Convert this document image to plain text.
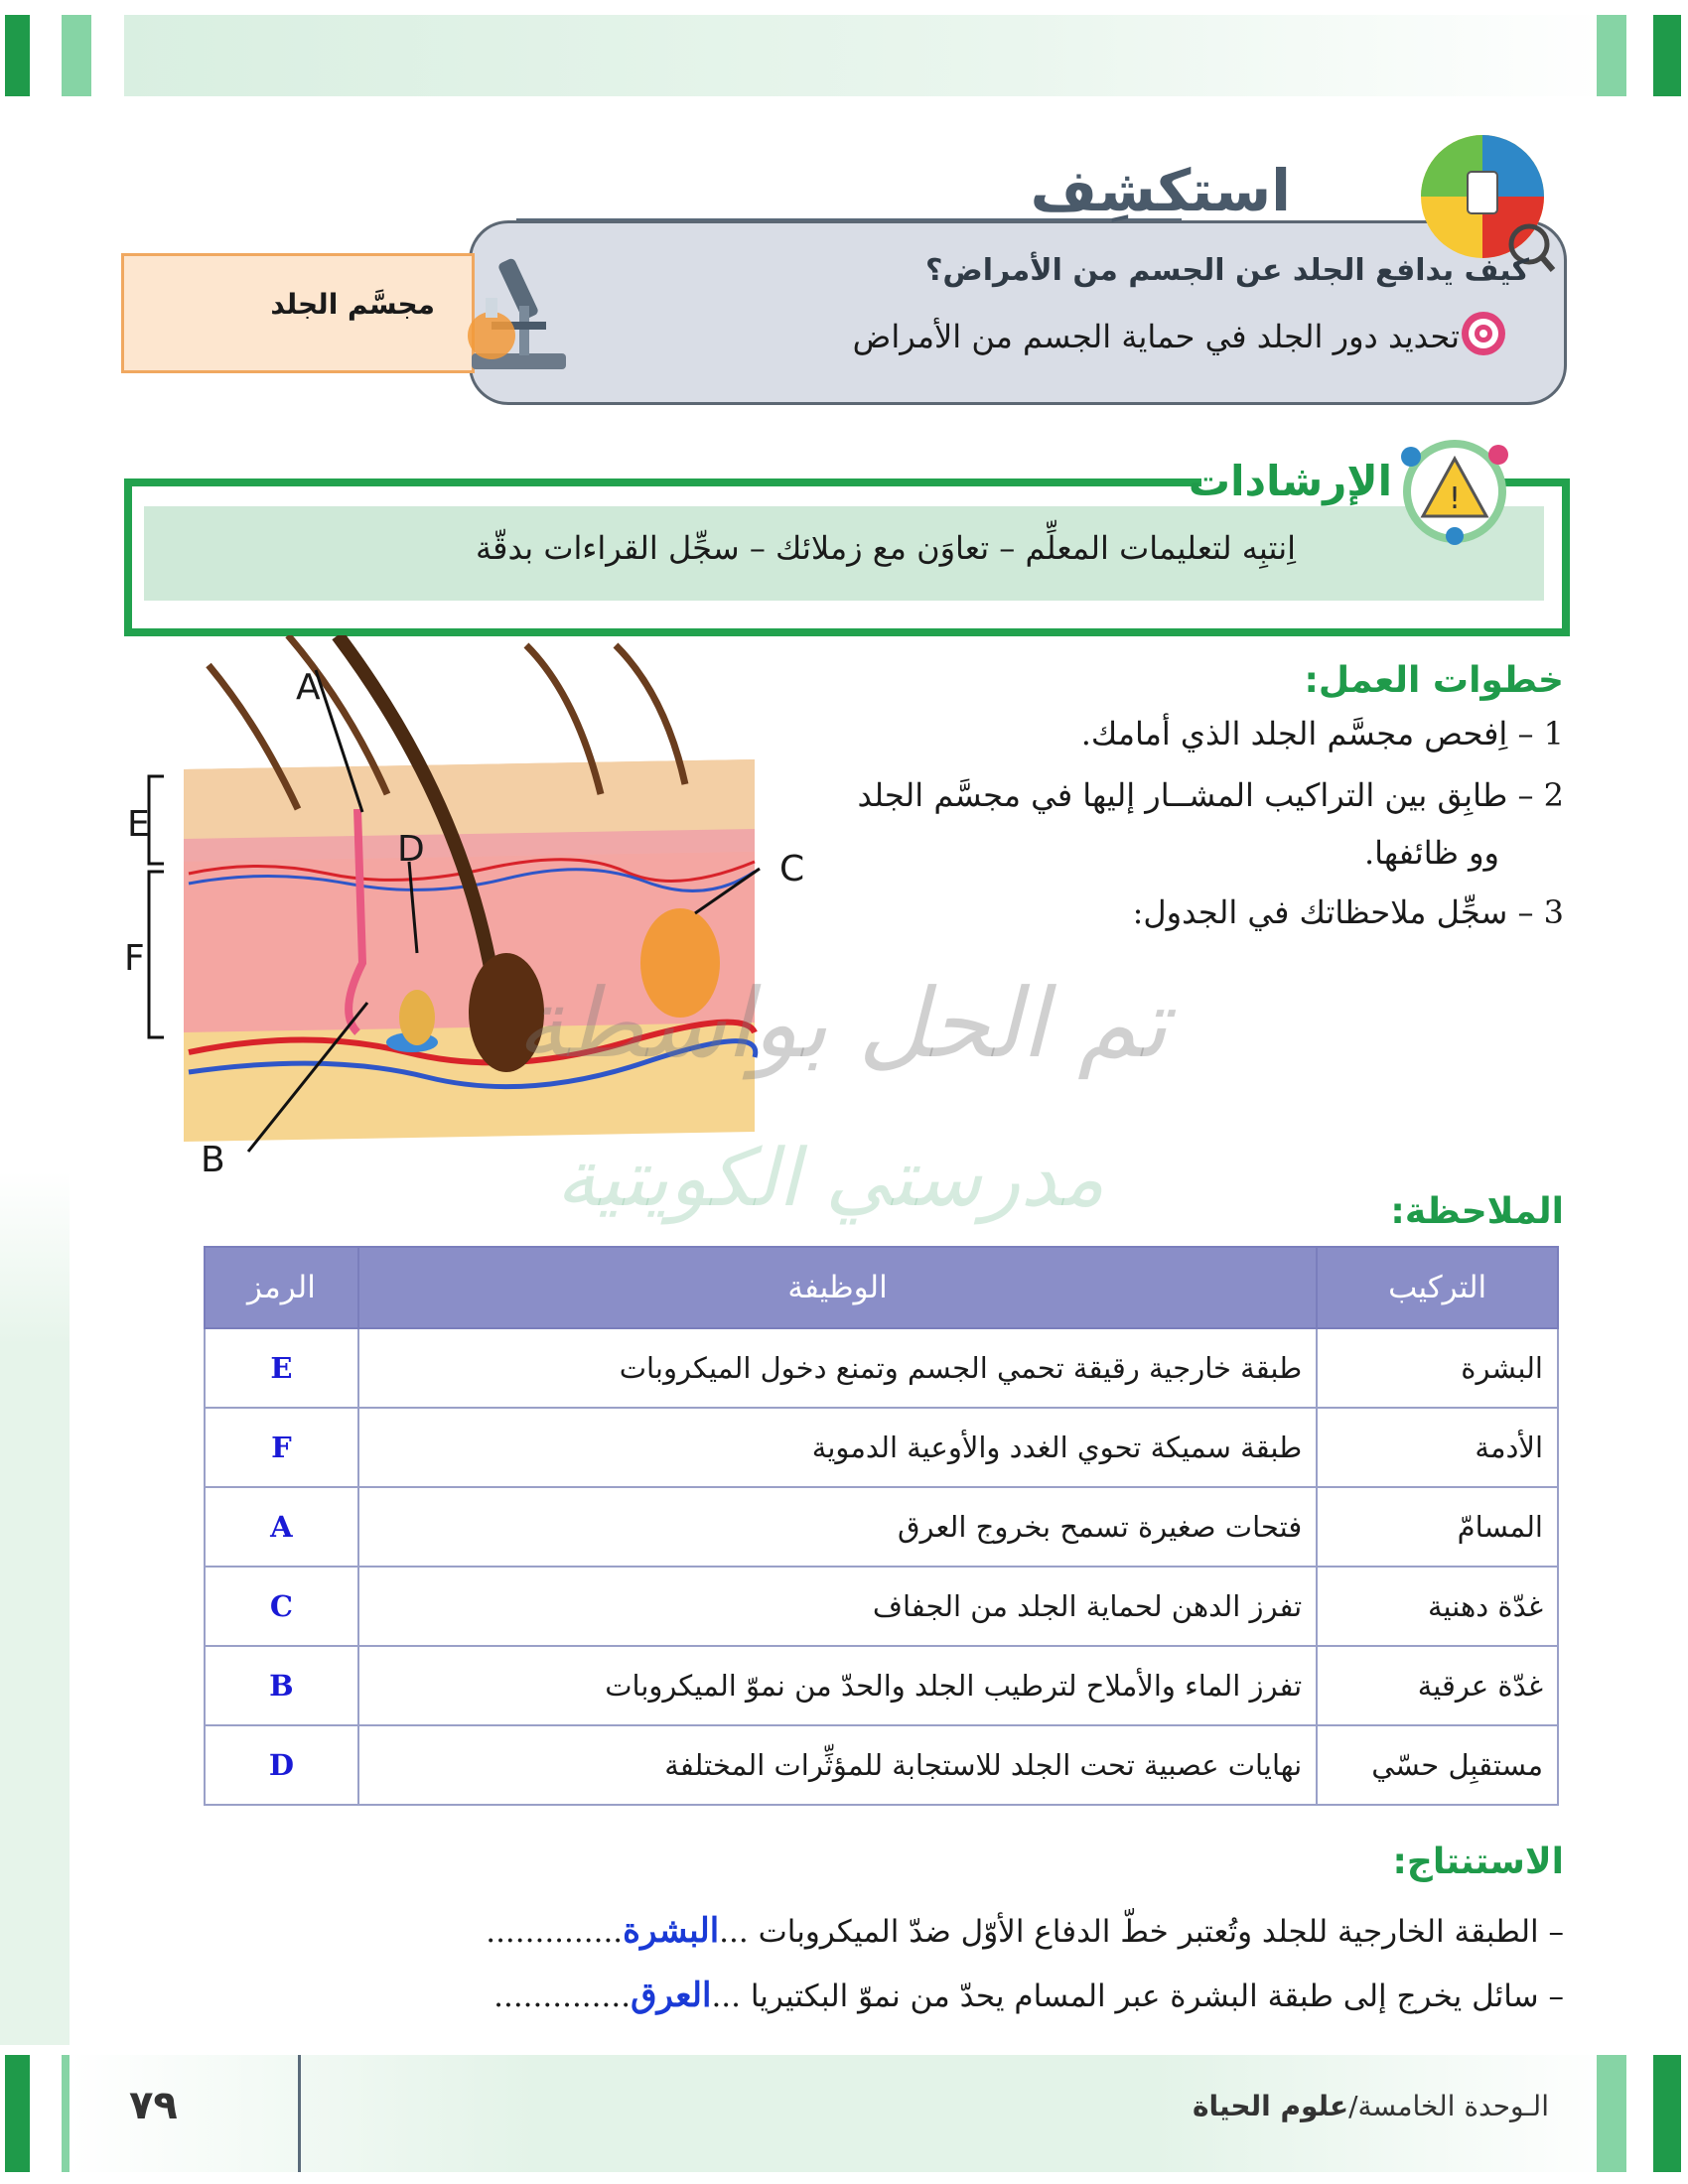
استكشِف
كيف يدافع الجلد عن الجسم من الأمراض؟
تحديد دور الجلد في حماية الجسم من الأمراض
مجسَّم الجلد
الإرشادات !
اِنتبِه لتعليمات المعلِّم – تعاوَن مع زملائك – سجِّل القراءات بدقّة
A
B
C
D
E
F
خطوات العمل:
1 – اِفحص مجسَّم الجلد الذي أمامك.
2 – طابِق بين التراكيب المشــار إليها في مجسَّم الجلد
وو ظائفها.
3 – سجِّل ملاحظاتك في الجدول:
تم الحل بواسطة
مدرستي الكويتية	الملاحظة:
التركيب	الوظيفة	الرمز
البشرة	طبقة خارجية رقيقة تحمي الجسم وتمنع دخول الميكروبات	E
الأدمة	طبقة سميكة تحوي الغدد والأوعية الدموية	F
المسامّ	فتحات صغيرة تسمح بخروج العرق	A
غدّة دهنية	تفرز الدهن لحماية الجلد من الجفاف	C
غدّة عرقية	تفرز الماء والأملاح لترطيب الجلد والحدّ من نموّ الميكروبات	B
مستقبِل حسّي	نهايات عصبية تحت الجلد للاستجابة للمؤثِّرات المختلفة	D
الاستنتاج:
– الطبقة الخارجية للجلد وتُعتبر خطّ الدفاع الأوّل ضدّ الميكروبات ...البشرة..............
– سائل يخرج إلى طبقة البشرة عبر المسام يحدّ من نموّ البكتيريا ...العرق..............
٧٩	الـوحدة الخامسة/علوم الحياة
